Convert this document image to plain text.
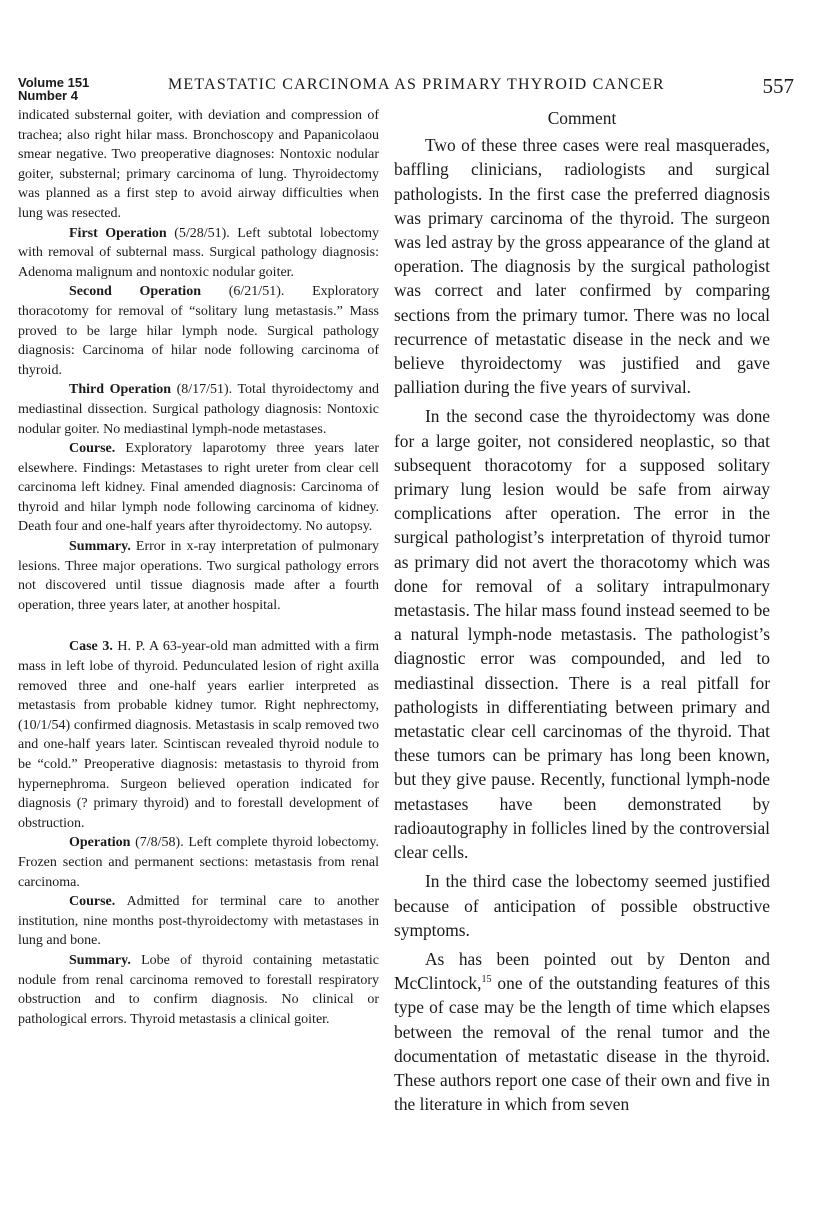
Volume 151
Number 4
METASTATIC CARCINOMA AS PRIMARY THYROID CANCER	557

indicated substernal goiter, with deviation and compression of trachea; also right hilar mass. Bronchoscopy and Papanicolaou smear negative. Two preoperative diagnoses: Nontoxic nodular goiter, substernal; primary carcinoma of lung. Thyroidectomy was planned as a first step to avoid airway difficulties when lung was resected.

First Operation (5/28/51). Left subtotal lobectomy with removal of subternal mass. Surgical pathology diagnosis: Adenoma malignum and nontoxic nodular goiter.

Second Operation (6/21/51). Exploratory thoracotomy for removal of “solitary lung metastasis.” Mass proved to be large hilar lymph node. Surgical pathology diagnosis: Carcinoma of hilar node following carcinoma of thyroid.

Third Operation (8/17/51). Total thyroidectomy and mediastinal dissection. Surgical pathology diagnosis: Nontoxic nodular goiter. No mediastinal lymph-node metastases.

Course. Exploratory laparotomy three years later elsewhere. Findings: Metastases to right ureter from clear cell carcinoma left kidney. Final amended diagnosis: Carcinoma of thyroid and hilar lymph node following carcinoma of kidney. Death four and one-half years after thyroidectomy. No autopsy.

Summary. Error in x-ray interpretation of pulmonary lesions. Three major operations. Two surgical pathology errors not discovered until tissue diagnosis made after a fourth operation, three years later, at another hospital.

Case 3. H. P. A 63-year-old man admitted with a firm mass in left lobe of thyroid. Pedunculated lesion of right axilla removed three and one-half years earlier interpreted as metastasis from probable kidney tumor. Right nephrectomy, (10/1/54) confirmed diagnosis. Metastasis in scalp removed two and one-half years later. Scintiscan revealed thyroid nodule to be “cold.” Preoperative diagnosis: metastasis to thyroid from hypernephroma. Surgeon believed operation indicated for diagnosis (? primary thyroid) and to forestall development of obstruction.

Operation (7/8/58). Left complete thyroid lobectomy. Frozen section and permanent sections: metastasis from renal carcinoma.

Course. Admitted for terminal care to another institution, nine months post-thyroidectomy with metastases in lung and bone.

Summary. Lobe of thyroid containing metastatic nodule from renal carcinoma removed to forestall respiratory obstruction and to confirm diagnosis. No clinical or pathological errors. Thyroid metastasis a clinical goiter.

Comment

Two of these three cases were real masquerades, baffling clinicians, radiologists and surgical pathologists. In the first case the preferred diagnosis was primary carcinoma of the thyroid. The surgeon was led astray by the gross appearance of the gland at operation. The diagnosis by the surgical pathologist was correct and later confirmed by comparing sections from the primary tumor. There was no local recurrence of metastatic disease in the neck and we believe thyroidectomy was justified and gave palliation during the five years of survival.

In the second case the thyroidectomy was done for a large goiter, not considered neoplastic, so that subsequent thoracotomy for a supposed solitary primary lung lesion would be safe from airway complications after operation. The error in the surgical pathologist’s interpretation of thyroid tumor as primary did not avert the thoracotomy which was done for removal of a solitary intrapulmonary metastasis. The hilar mass found instead seemed to be a natural lymph-node metastasis. The pathologist’s diagnostic error was compounded, and led to mediastinal dissection. There is a real pitfall for pathologists in differentiating between primary and metastatic clear cell carcinomas of the thyroid. That these tumors can be primary has long been known, but they give pause. Recently, functional lymph-node metastases have been demonstrated by radioautography in follicles lined by the controversial clear cells.

In the third case the lobectomy seemed justified because of anticipation of possible obstructive symptoms.

As has been pointed out by Denton and McClintock,$^{15}$ one of the outstanding features of this type of case may be the length of time which elapses between the removal of the renal tumor and the documentation of metastatic disease in the thyroid. These authors report one case of their own and five in the literature in which from seven
